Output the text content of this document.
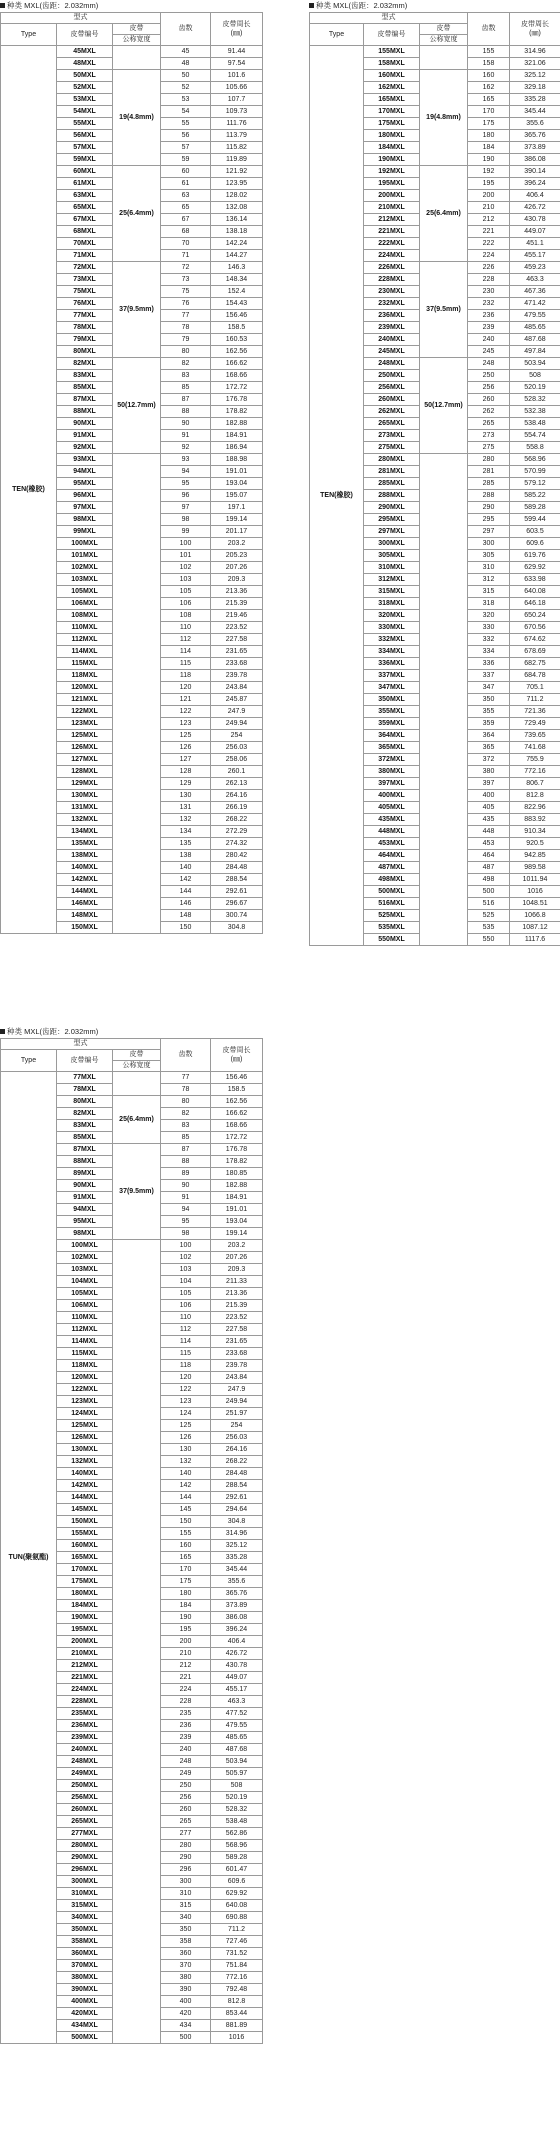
种类 MXL(齿距：2.032mm)
型式			齿数	皮带周长
(㎜)
Type	皮带编号	皮带		
		公称宽度		
TEN(橡胶)	45MXL		45	91.44
	48MXL		48	97.54
	50MXL	19(4.8mm)	50	101.6
	52MXL		52	105.66
	53MXL		53	107.7
	54MXL		54	109.73
	55MXL		55	111.76
	56MXL		56	113.79
	57MXL		57	115.82
	59MXL		59	119.89
	60MXL	25(6.4mm)	60	121.92
	61MXL		61	123.95
	63MXL		63	128.02
	65MXL		65	132.08
	67MXL		67	136.14
	68MXL		68	138.18
	70MXL		70	142.24
	71MXL		71	144.27
	72MXL	37(9.5mm)	72	146.3
	73MXL		73	148.34
	75MXL		75	152.4
	76MXL		76	154.43
	77MXL		77	156.46
	78MXL		78	158.5
	79MXL		79	160.53
	80MXL		80	162.56
	82MXL	50(12.7mm)	82	166.62
	83MXL		83	168.66
	85MXL		85	172.72
	87MXL		87	176.78
	88MXL		88	178.82
	90MXL		90	182.88
	91MXL		91	184.91
	92MXL		92	186.94
	93MXL		93	188.98
	94MXL		94	191.01
	95MXL		95	193.04
	96MXL		96	195.07
	97MXL		97	197.1
	98MXL		98	199.14
	99MXL		99	201.17
	100MXL		100	203.2
	101MXL		101	205.23
	102MXL		102	207.26
	103MXL		103	209.3
	105MXL		105	213.36
	106MXL		106	215.39
	108MXL		108	219.46
	110MXL		110	223.52
	112MXL		112	227.58
	114MXL		114	231.65
	115MXL		115	233.68
	118MXL		118	239.78
	120MXL		120	243.84
	121MXL		121	245.87
	122MXL		122	247.9
	123MXL		123	249.94
	125MXL		125	254
	126MXL		126	256.03
	127MXL		127	258.06
	128MXL		128	260.1
	129MXL		129	262.13
	130MXL		130	264.16
	131MXL		131	266.19
	132MXL		132	268.22
	134MXL		134	272.29
	135MXL		135	274.32
	138MXL		138	280.42
	140MXL		140	284.48
	142MXL		142	288.54
	144MXL		144	292.61
	146MXL		146	296.67
	148MXL		148	300.74
	150MXL		150	304.8
种类 MXL(齿距：2.032mm)
型式			齿数	皮带周长
(㎜)
Type	皮带编号	皮带		
		公称宽度		
TEN(橡胶)	155MXL		155	314.96
	158MXL		158	321.06
	160MXL	19(4.8mm)	160	325.12
	162MXL		162	329.18
	165MXL		165	335.28
	170MXL		170	345.44
	175MXL		175	355.6
	180MXL		180	365.76
	184MXL		184	373.89
	190MXL		190	386.08
	192MXL	25(6.4mm)	192	390.14
	195MXL		195	396.24
	200MXL		200	406.4
	210MXL		210	426.72
	212MXL		212	430.78
	221MXL		221	449.07
	222MXL		222	451.1
	224MXL		224	455.17
	226MXL	37(9.5mm)	226	459.23
	228MXL		228	463.3
	230MXL		230	467.36
	232MXL		232	471.42
	236MXL		236	479.55
	239MXL		239	485.65
	240MXL		240	487.68
	245MXL		245	497.84
	248MXL	50(12.7mm)	248	503.94
	250MXL		250	508
	256MXL		256	520.19
	260MXL		260	528.32
	262MXL		262	532.38
	265MXL		265	538.48
	273MXL		273	554.74
	275MXL		275	558.8
	280MXL		280	568.96
	281MXL		281	570.99
	285MXL		285	579.12
	288MXL		288	585.22
	290MXL		290	589.28
	295MXL		295	599.44
	297MXL		297	603.5
	300MXL		300	609.6
	305MXL		305	619.76
	310MXL		310	629.92
	312MXL		312	633.98
	315MXL		315	640.08
	318MXL		318	646.18
	320MXL		320	650.24
	330MXL		330	670.56
	332MXL		332	674.62
	334MXL		334	678.69
	336MXL		336	682.75
	337MXL		337	684.78
	347MXL		347	705.1
	350MXL		350	711.2
	355MXL		355	721.36
	359MXL		359	729.49
	364MXL		364	739.65
	365MXL		365	741.68
	372MXL		372	755.9
	380MXL		380	772.16
	397MXL		397	806.7
	400MXL		400	812.8
	405MXL		405	822.96
	435MXL		435	883.92
	448MXL		448	910.34
	453MXL		453	920.5
	464MXL		464	942.85
	487MXL		487	989.58
	498MXL		498	1011.94
	500MXL		500	1016
	516MXL		516	1048.51
	525MXL		525	1066.8
	535MXL		535	1087.12
	550MXL		550	1117.6
种类 MXL(齿距：2.032mm)
型式			齿数	皮带周长
(㎜)
Type	皮带编号	皮带		
		公称宽度		
TUN(聚氨酯)	77MXL		77	156.46
	78MXL		78	158.5
	80MXL	25(6.4mm)	80	162.56
	82MXL		82	166.62
	83MXL		83	168.66
	85MXL		85	172.72
	87MXL	37(9.5mm)	87	176.78
	88MXL		88	178.82
	89MXL		89	180.85
	90MXL		90	182.88
	91MXL		91	184.91
	94MXL		94	191.01
	95MXL		95	193.04
	98MXL		98	199.14
	100MXL		100	203.2
	102MXL		102	207.26
	103MXL		103	209.3
	104MXL		104	211.33
	105MXL		105	213.36
	106MXL		106	215.39
	110MXL		110	223.52
	112MXL		112	227.58
	114MXL		114	231.65
	115MXL		115	233.68
	118MXL		118	239.78
	120MXL		120	243.84
	122MXL		122	247.9
	123MXL		123	249.94
	124MXL		124	251.97
	125MXL		125	254
	126MXL		126	256.03
	130MXL		130	264.16
	132MXL		132	268.22
	140MXL		140	284.48
	142MXL		142	288.54
	144MXL		144	292.61
	145MXL		145	294.64
	150MXL		150	304.8
	155MXL		155	314.96
	160MXL		160	325.12
	165MXL		165	335.28
	170MXL		170	345.44
	175MXL		175	355.6
	180MXL		180	365.76
	184MXL		184	373.89
	190MXL		190	386.08
	195MXL		195	396.24
	200MXL		200	406.4
	210MXL		210	426.72
	212MXL		212	430.78
	221MXL		221	449.07
	224MXL		224	455.17
	228MXL		228	463.3
	235MXL		235	477.52
	236MXL		236	479.55
	239MXL		239	485.65
	240MXL		240	487.68
	248MXL		248	503.94
	249MXL		249	505.97
	250MXL		250	508
	256MXL		256	520.19
	260MXL		260	528.32
	265MXL		265	538.48
	277MXL		277	562.86
	280MXL		280	568.96
	290MXL		290	589.28
	296MXL		296	601.47
	300MXL		300	609.6
	310MXL		310	629.92
	315MXL		315	640.08
	340MXL		340	690.88
	350MXL		350	711.2
	358MXL		358	727.46
	360MXL		360	731.52
	370MXL		370	751.84
	380MXL		380	772.16
	390MXL		390	792.48
	400MXL		400	812.8
	420MXL		420	853.44
	434MXL		434	881.89
	500MXL		500	1016
